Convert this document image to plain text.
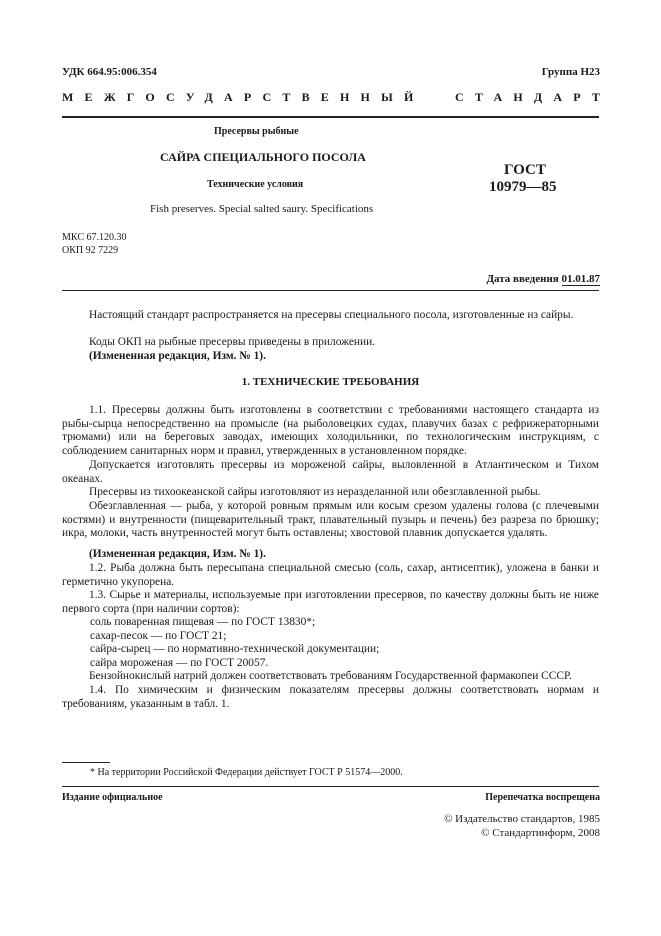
УДК 664.95:006.354	Группа Н23
МЕЖГОСУДАРСТВЕННЫЙ	СТАНДАРТ
Пресервы рыбные
САЙРА СПЕЦИАЛЬНОГО ПОСОЛА
Технические условия
Fish preserves. Special salted saury. Specifications
ГОСТ
10979—85
МКС 67.120.30
ОКП 92 7229
Дата введения 01.01.87
Настоящий стандарт распространяется на пресервы специального посола, изготовленные из сайры.
Коды ОКП на рыбные пресервы приведены в приложении.
(Измененная редакция, Изм. № 1).
1. ТЕХНИЧЕСКИЕ ТРЕБОВАНИЯ
1.1. Пресервы должны быть изготовлены в соответствии с требованиями настоящего стандарта из рыбы-сырца непосредственно на промысле (на рыболовецких судах, плавучих базах с рефрижераторными трюмами) или на береговых заводах, имеющих холодильники, по технологическим инструкциям, с соблюдением санитарных норм и правил, утвержденных в установленном порядке.
Допускается изготовлять пресервы из мороженой сайры, выловленной в Атлантическом и Тихом океанах.
Пресервы из тихоокеанской сайры изготовляют из неразделанной или обезглавленной рыбы.
Обезглавленная — рыба, у которой ровным прямым или косым срезом удалены голова (с плечевыми костями) и внутренности (пищеварительный тракт, плавательный пузырь и печень) без разреза по брюшку; икра, молоки, часть внутренностей могут быть оставлены; хвостовой плавник допускается удалять.
(Измененная редакция, Изм. № 1).
1.2. Рыба должна быть пересыпана специальной смесью (соль, сахар, антисептик), уложена в банки и герметично укупорена.
1.3. Сырье и материалы, используемые при изготовлении пресервов, по качеству должны быть не ниже первого сорта (при наличии сортов):
соль поваренная пищевая — по ГОСТ 13830*;
сахар-песок — по ГОСТ 21;
сайра-сырец — по нормативно-технической документации;
сайра мороженая — по ГОСТ 20057.
Бензойнокислый натрий должен соответствовать требованиям Государственной фармакопеи СССР.
1.4. По химическим и физическим показателям пресервы должны соответствовать нормам и требованиям, указанным в табл. 1.
* На территории Российской Федерации действует ГОСТ Р 51574—2000.
Издание официальное	Перепечатка воспрещена
© Издательство стандартов, 1985
© Стандартинформ, 2008
